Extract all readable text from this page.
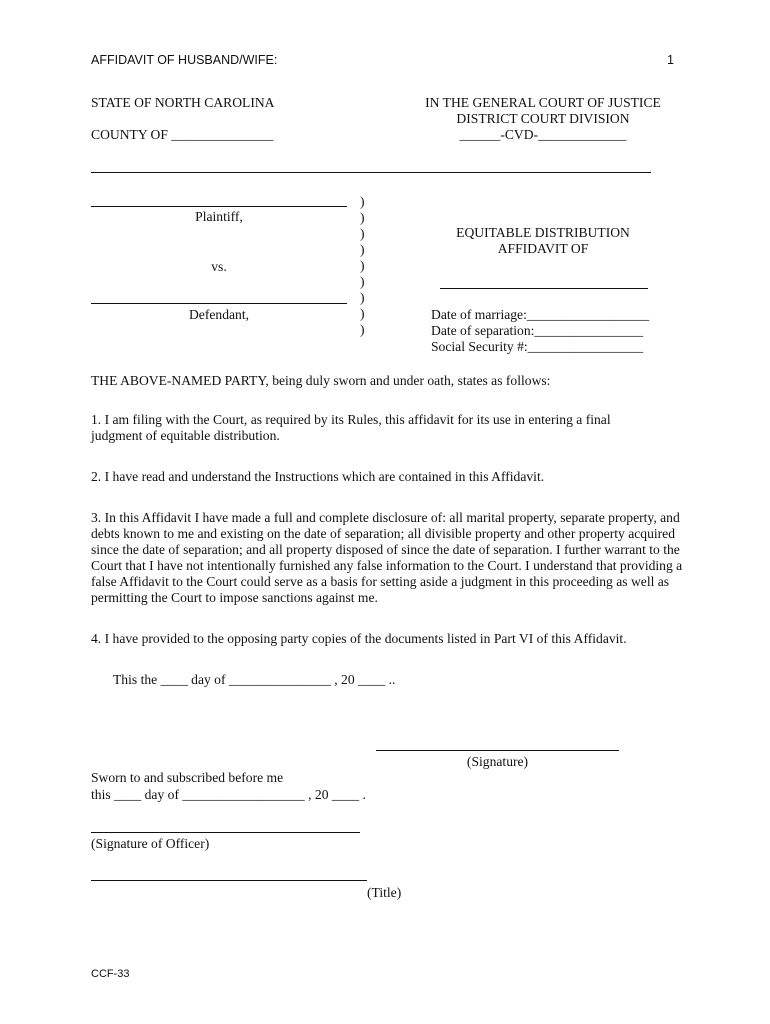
AFFIDAVIT OF HUSBAND/WIFE:	1
STATE OF NORTH CAROLINA
COUNTY OF _______________
IN THE GENERAL COURT OF JUSTICE
DISTRICT COURT DIVISION
______-CVD-_____________
Plaintiff,
vs.
Defendant,
)
)
)
)
)
)
)
)
)
EQUITABLE DISTRIBUTION
AFFIDAVIT OF
Date of marriage:__________________
Date of separation:________________
Social Security #:_________________
THE ABOVE-NAMED PARTY, being duly sworn and under oath, states as follows:
1. I am filing with the Court, as required by its Rules, this affidavit for its use in entering a final judgment of equitable distribution.
2. I have read and understand the Instructions which are contained in this Affidavit.
3. In this Affidavit I have made a full and complete disclosure of: all marital property, separate property, and debts known to me and existing on the date of separation; all divisible property and other property acquired since the date of separation; and all property disposed of since the date of separation. I further warrant to the Court that I have not intentionally furnished any false information to the Court. I understand that providing a false Affidavit to the Court could serve as a basis for setting aside a judgment in this proceeding as well as permitting the Court to impose sanctions against me.
4. I have provided to the opposing party copies of the documents listed in Part VI of this Affidavit.
This the ____ day of _______________ , 20 ____ ..
(Signature)
Sworn to and subscribed before me
this ____ day of __________________ , 20 ____ .
(Signature of Officer)
(Title)
CCF-33
